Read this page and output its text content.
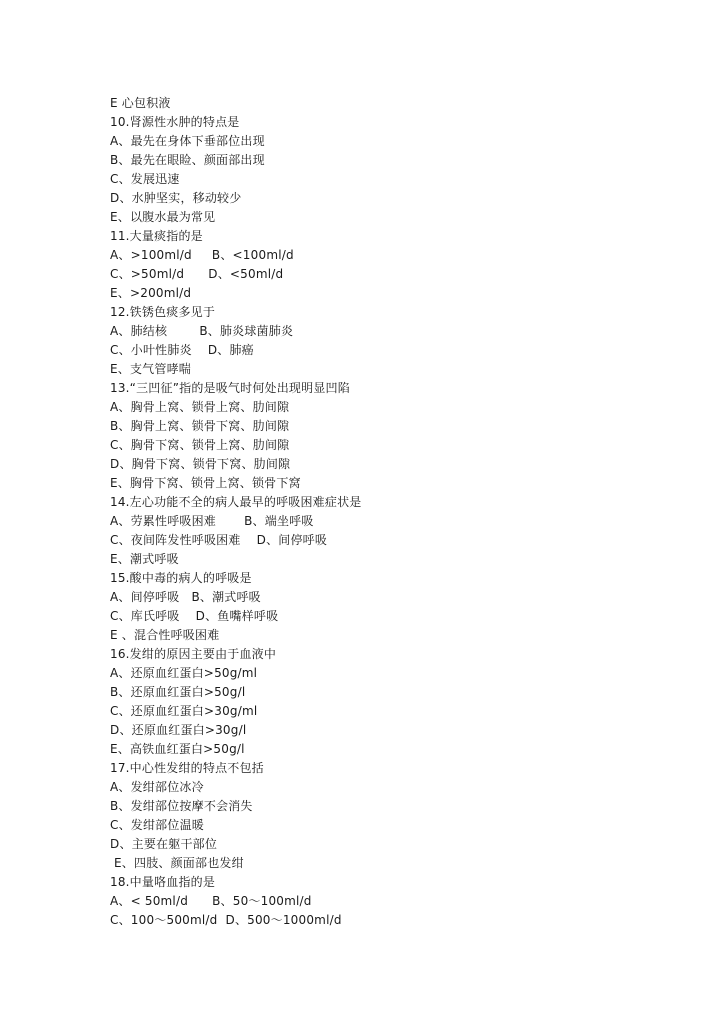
E 心包积液
10.肾源性水肿的特点是
A、最先在身体下垂部位出现
B、最先在眼睑、颜面部出现
C、发展迅速
D、水肿坚实，移动较少
E、以腹水最为常见
11.大量痰指的是
A、>100ml/d     B、<100ml/d
C、>50ml/d      D、<50ml/d
E、>200ml/d
12.铁锈色痰多见于
A、肺结核        B、肺炎球菌肺炎
C、小叶性肺炎    D、肺癌
E、支气管哮喘
13.“三凹征”指的是吸气时何处出现明显凹陷
A、胸骨上窝、锁骨上窝、肋间隙
B、胸骨上窝、锁骨下窝、肋间隙
C、胸骨下窝、锁骨上窝、肋间隙
D、胸骨下窝、锁骨下窝、肋间隙
E、胸骨下窝、锁骨上窝、锁骨下窝
14.左心功能不全的病人最早的呼吸困难症状是
A、劳累性呼吸困难       B、端坐呼吸
C、夜间阵发性呼吸困难    D、间停呼吸
E、潮式呼吸
15.酸中毒的病人的呼吸是
A、间停呼吸   B、潮式呼吸
C、库氏呼吸    D、鱼嘴样呼吸
E 、混合性呼吸困难
16.发绀的原因主要由于血液中
A、还原血红蛋白>50g/ml
B、还原血红蛋白>50g/l
C、还原血红蛋白>30g/ml
D、还原血红蛋白>30g/l
E、高铁血红蛋白>50g/l
17.中心性发绀的特点不包括
A、发绀部位冰冷
B、发绀部位按摩不会消失
C、发绀部位温暖
D、主要在躯干部位
E、四肢、颜面部也发绀
18.中量咯血指的是
A、< 50ml/d      B、50～100ml/d
C、100～500ml/d  D、500～1000ml/d
